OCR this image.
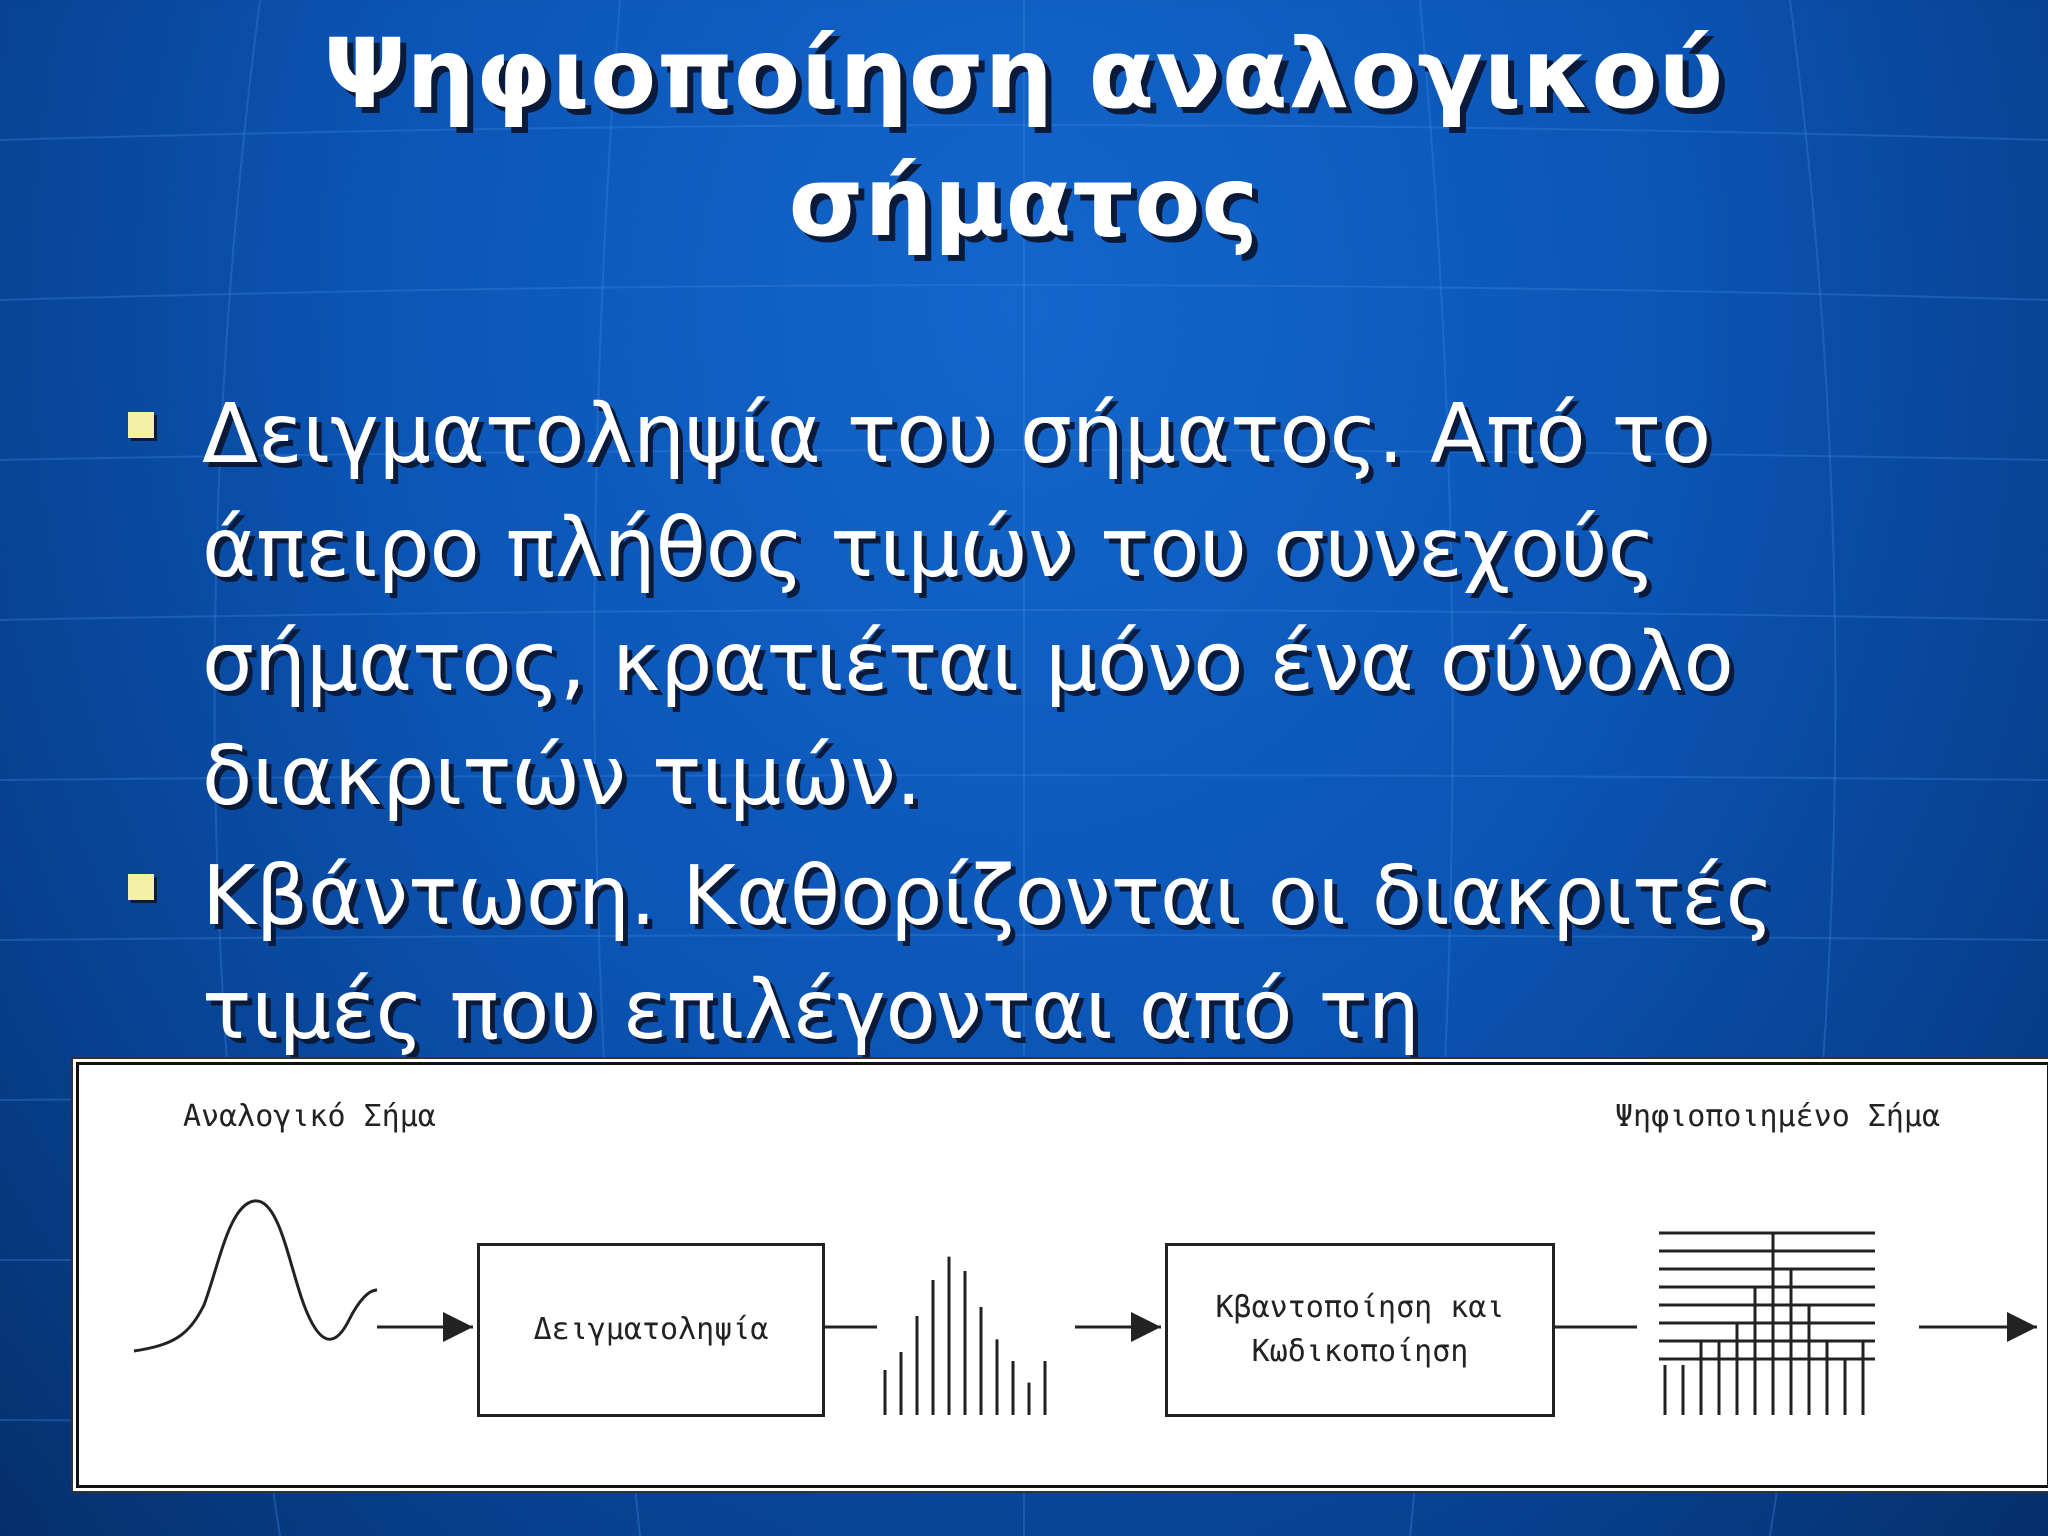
Ψηφιοποίηση αναλογικού
σήματος
Δειγματοληψία του σήματος. Από το
άπειρο πλήθος τιμών του συνεχούς
σήματος, κρατιέται μόνο ένα σύνολο
διακριτών τιμών.
Κβάντωση. Καθορίζονται οι διακριτές
τιμές που επιλέγονται από τη
Αναλογικό Σήμα	Ψηφιοποιημένο Σήμα
Δειγματοληψία
Κβαντοποίηση και
Κωδικοποίηση
